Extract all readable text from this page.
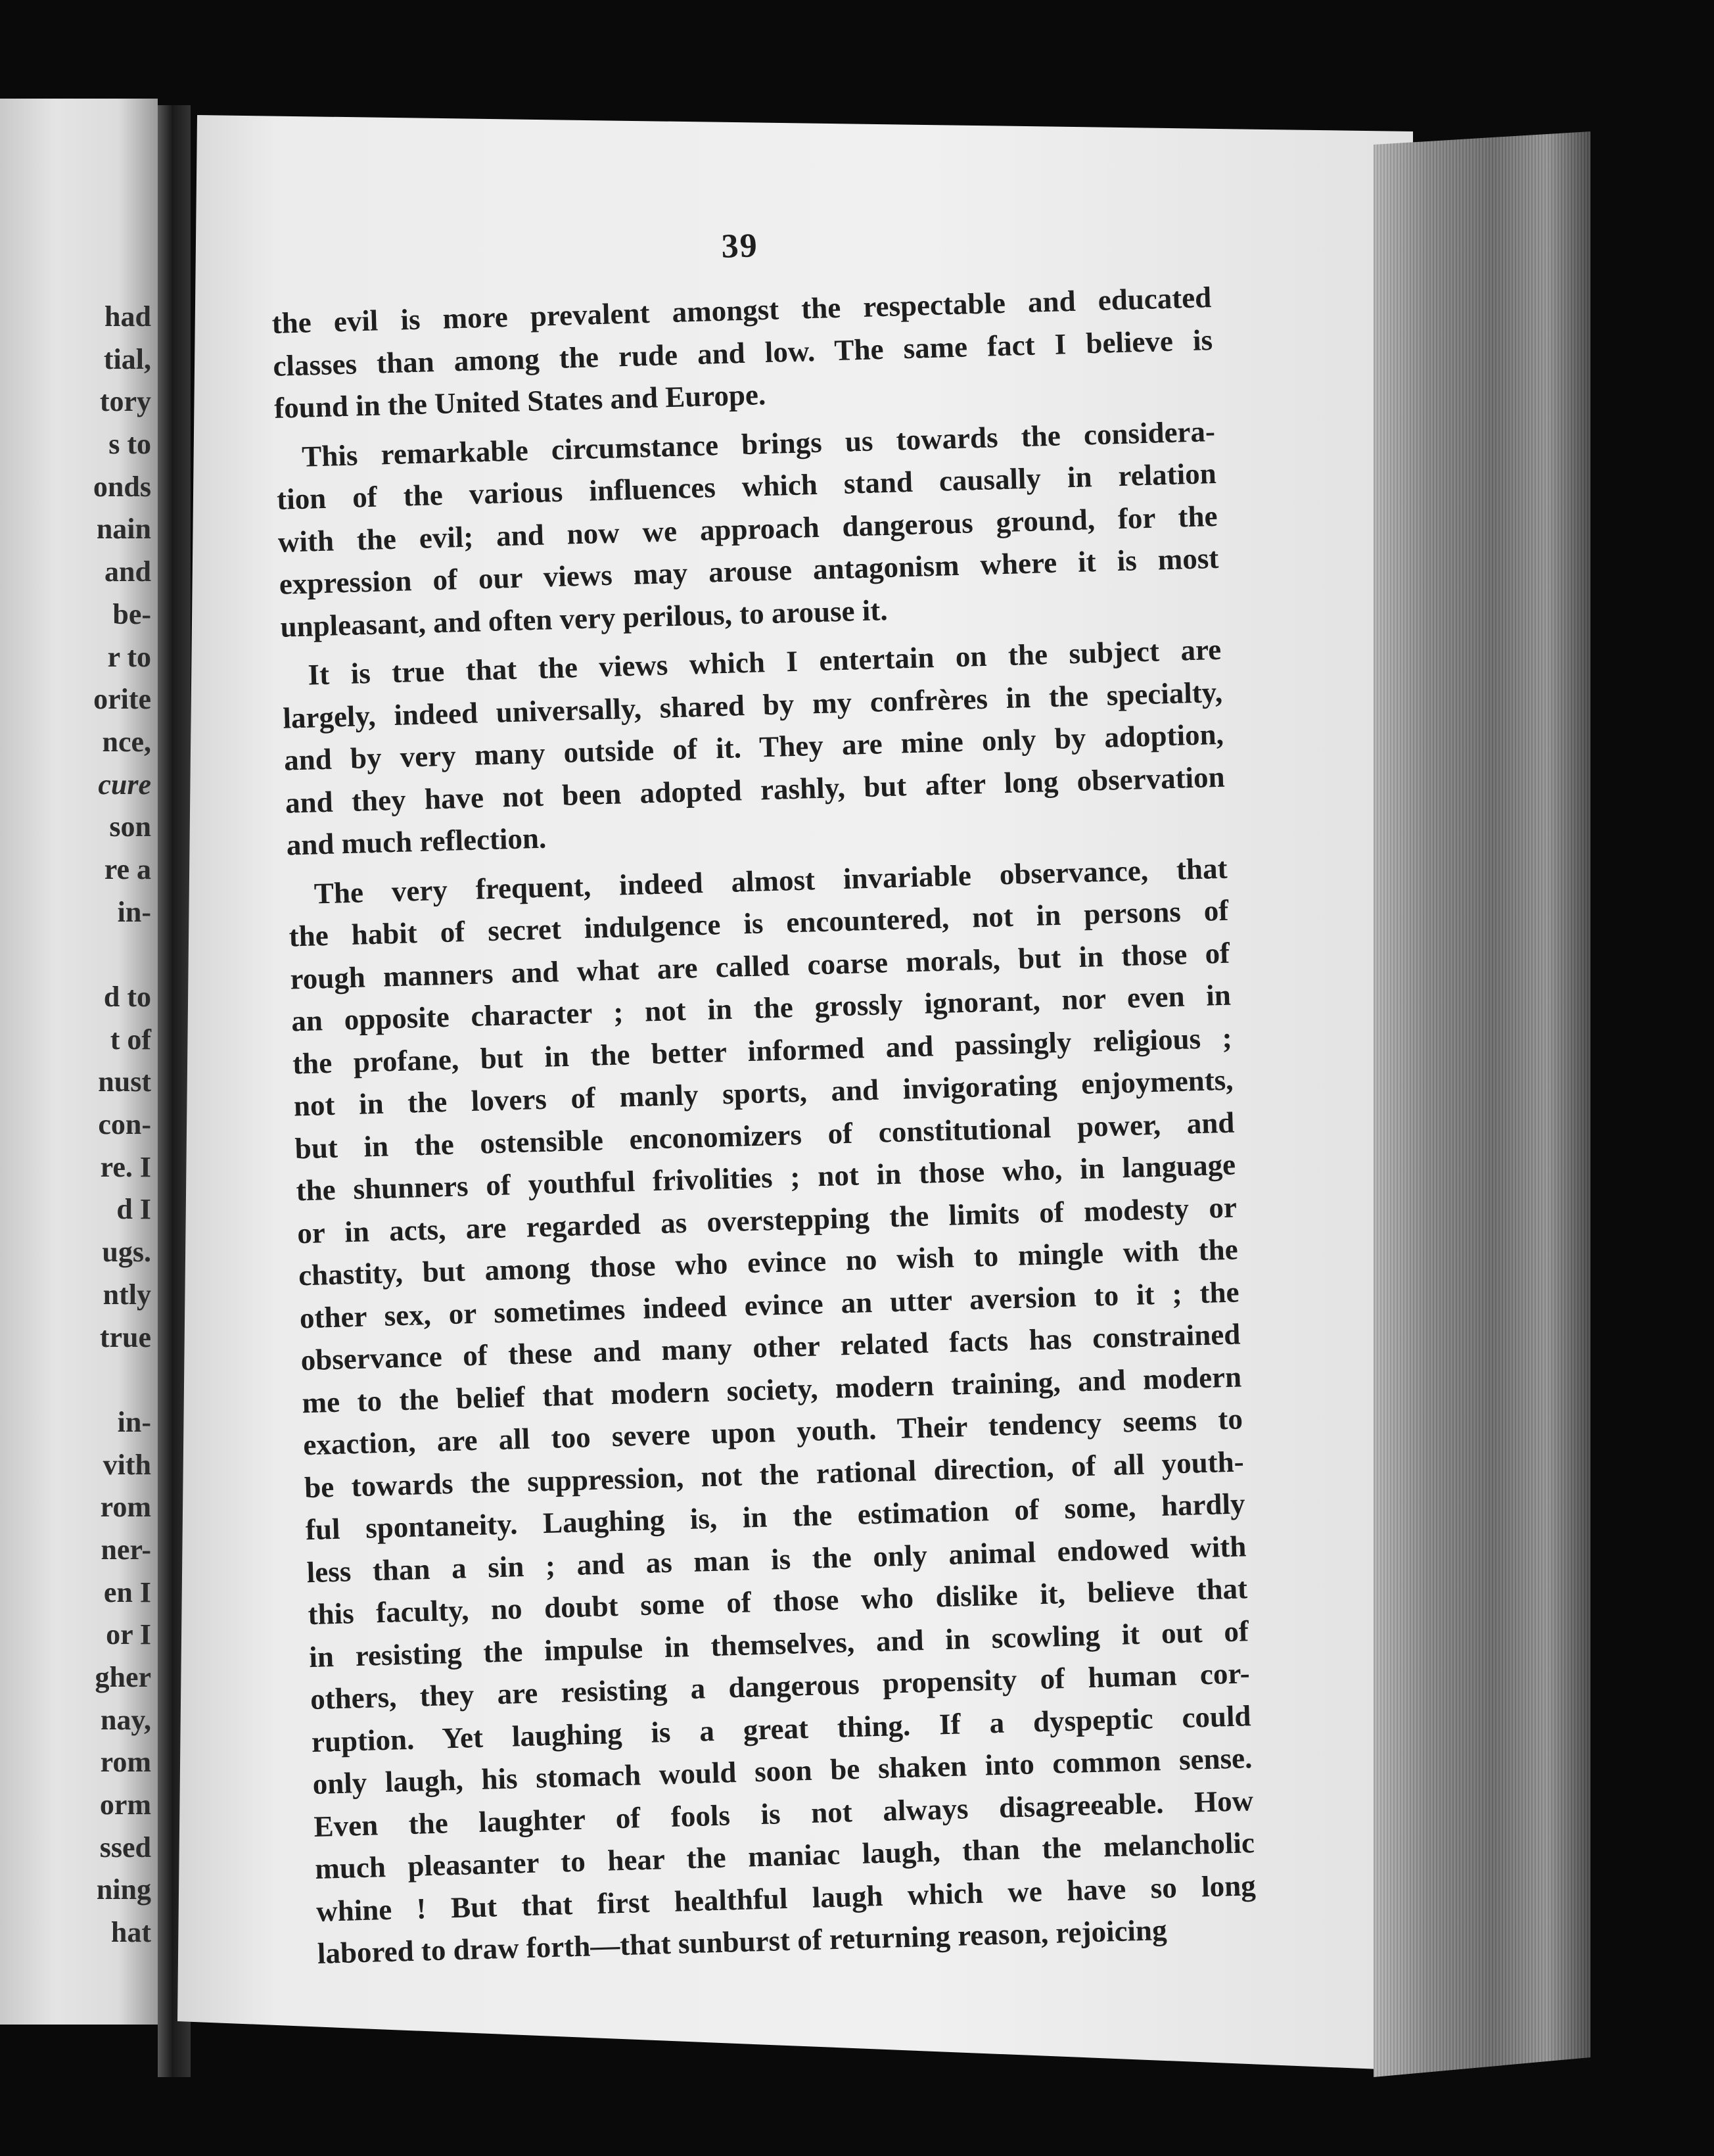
had
tial,
tory
s to
onds
nain
and
be-
r to
orite
nce,
cure
son
re a
in-
d to
t of
nust
con-
re. I
d I
ugs.
ntly
true
in-
vith
rom
ner-
en I
or I
gher
nay,
rom
orm
ssed
ning
hat
39
the evil is more prevalent amongst the respectable and educated
classes than among the rude and low. The same fact I believe is
found in the United States and Europe.
This remarkable circumstance brings us towards the considera-
tion of the various influences which stand causally in relation
with the evil; and now we approach dangerous ground, for the
expression of our views may arouse antagonism where it is most
unpleasant, and often very perilous, to arouse it.
It is true that the views which I entertain on the subject are
largely, indeed universally, shared by my confrères in the specialty,
and by very many outside of it. They are mine only by adoption,
and they have not been adopted rashly, but after long observation
and much reflection.
The very frequent, indeed almost invariable observance, that
the habit of secret indulgence is encountered, not in persons of
rough manners and what are called coarse morals, but in those of
an opposite character ; not in the grossly ignorant, nor even in
the profane, but in the better informed and passingly religious ;
not in the lovers of manly sports, and invigorating enjoyments,
but in the ostensible enconomizers of constitutional power, and
the shunners of youthful frivolities ; not in those who, in language
or in acts, are regarded as overstepping the limits of modesty or
chastity, but among those who evince no wish to mingle with the
other sex, or sometimes indeed evince an utter aversion to it ; the
observance of these and many other related facts has constrained
me to the belief that modern society, modern training, and modern
exaction, are all too severe upon youth. Their tendency seems to
be towards the suppression, not the rational direction, of all youth-
ful spontaneity. Laughing is, in the estimation of some, hardly
less than a sin ; and as man is the only animal endowed with
this faculty, no doubt some of those who dislike it, believe that
in resisting the impulse in themselves, and in scowling it out of
others, they are resisting a dangerous propensity of human cor-
ruption. Yet laughing is a great thing. If a dyspeptic could
only laugh, his stomach would soon be shaken into common sense.
Even the laughter of fools is not always disagreeable. How
much pleasanter to hear the maniac laugh, than the melancholic
whine ! But that first healthful laugh which we have so long
labored to draw forth—that sunburst of returning reason, rejoicing
